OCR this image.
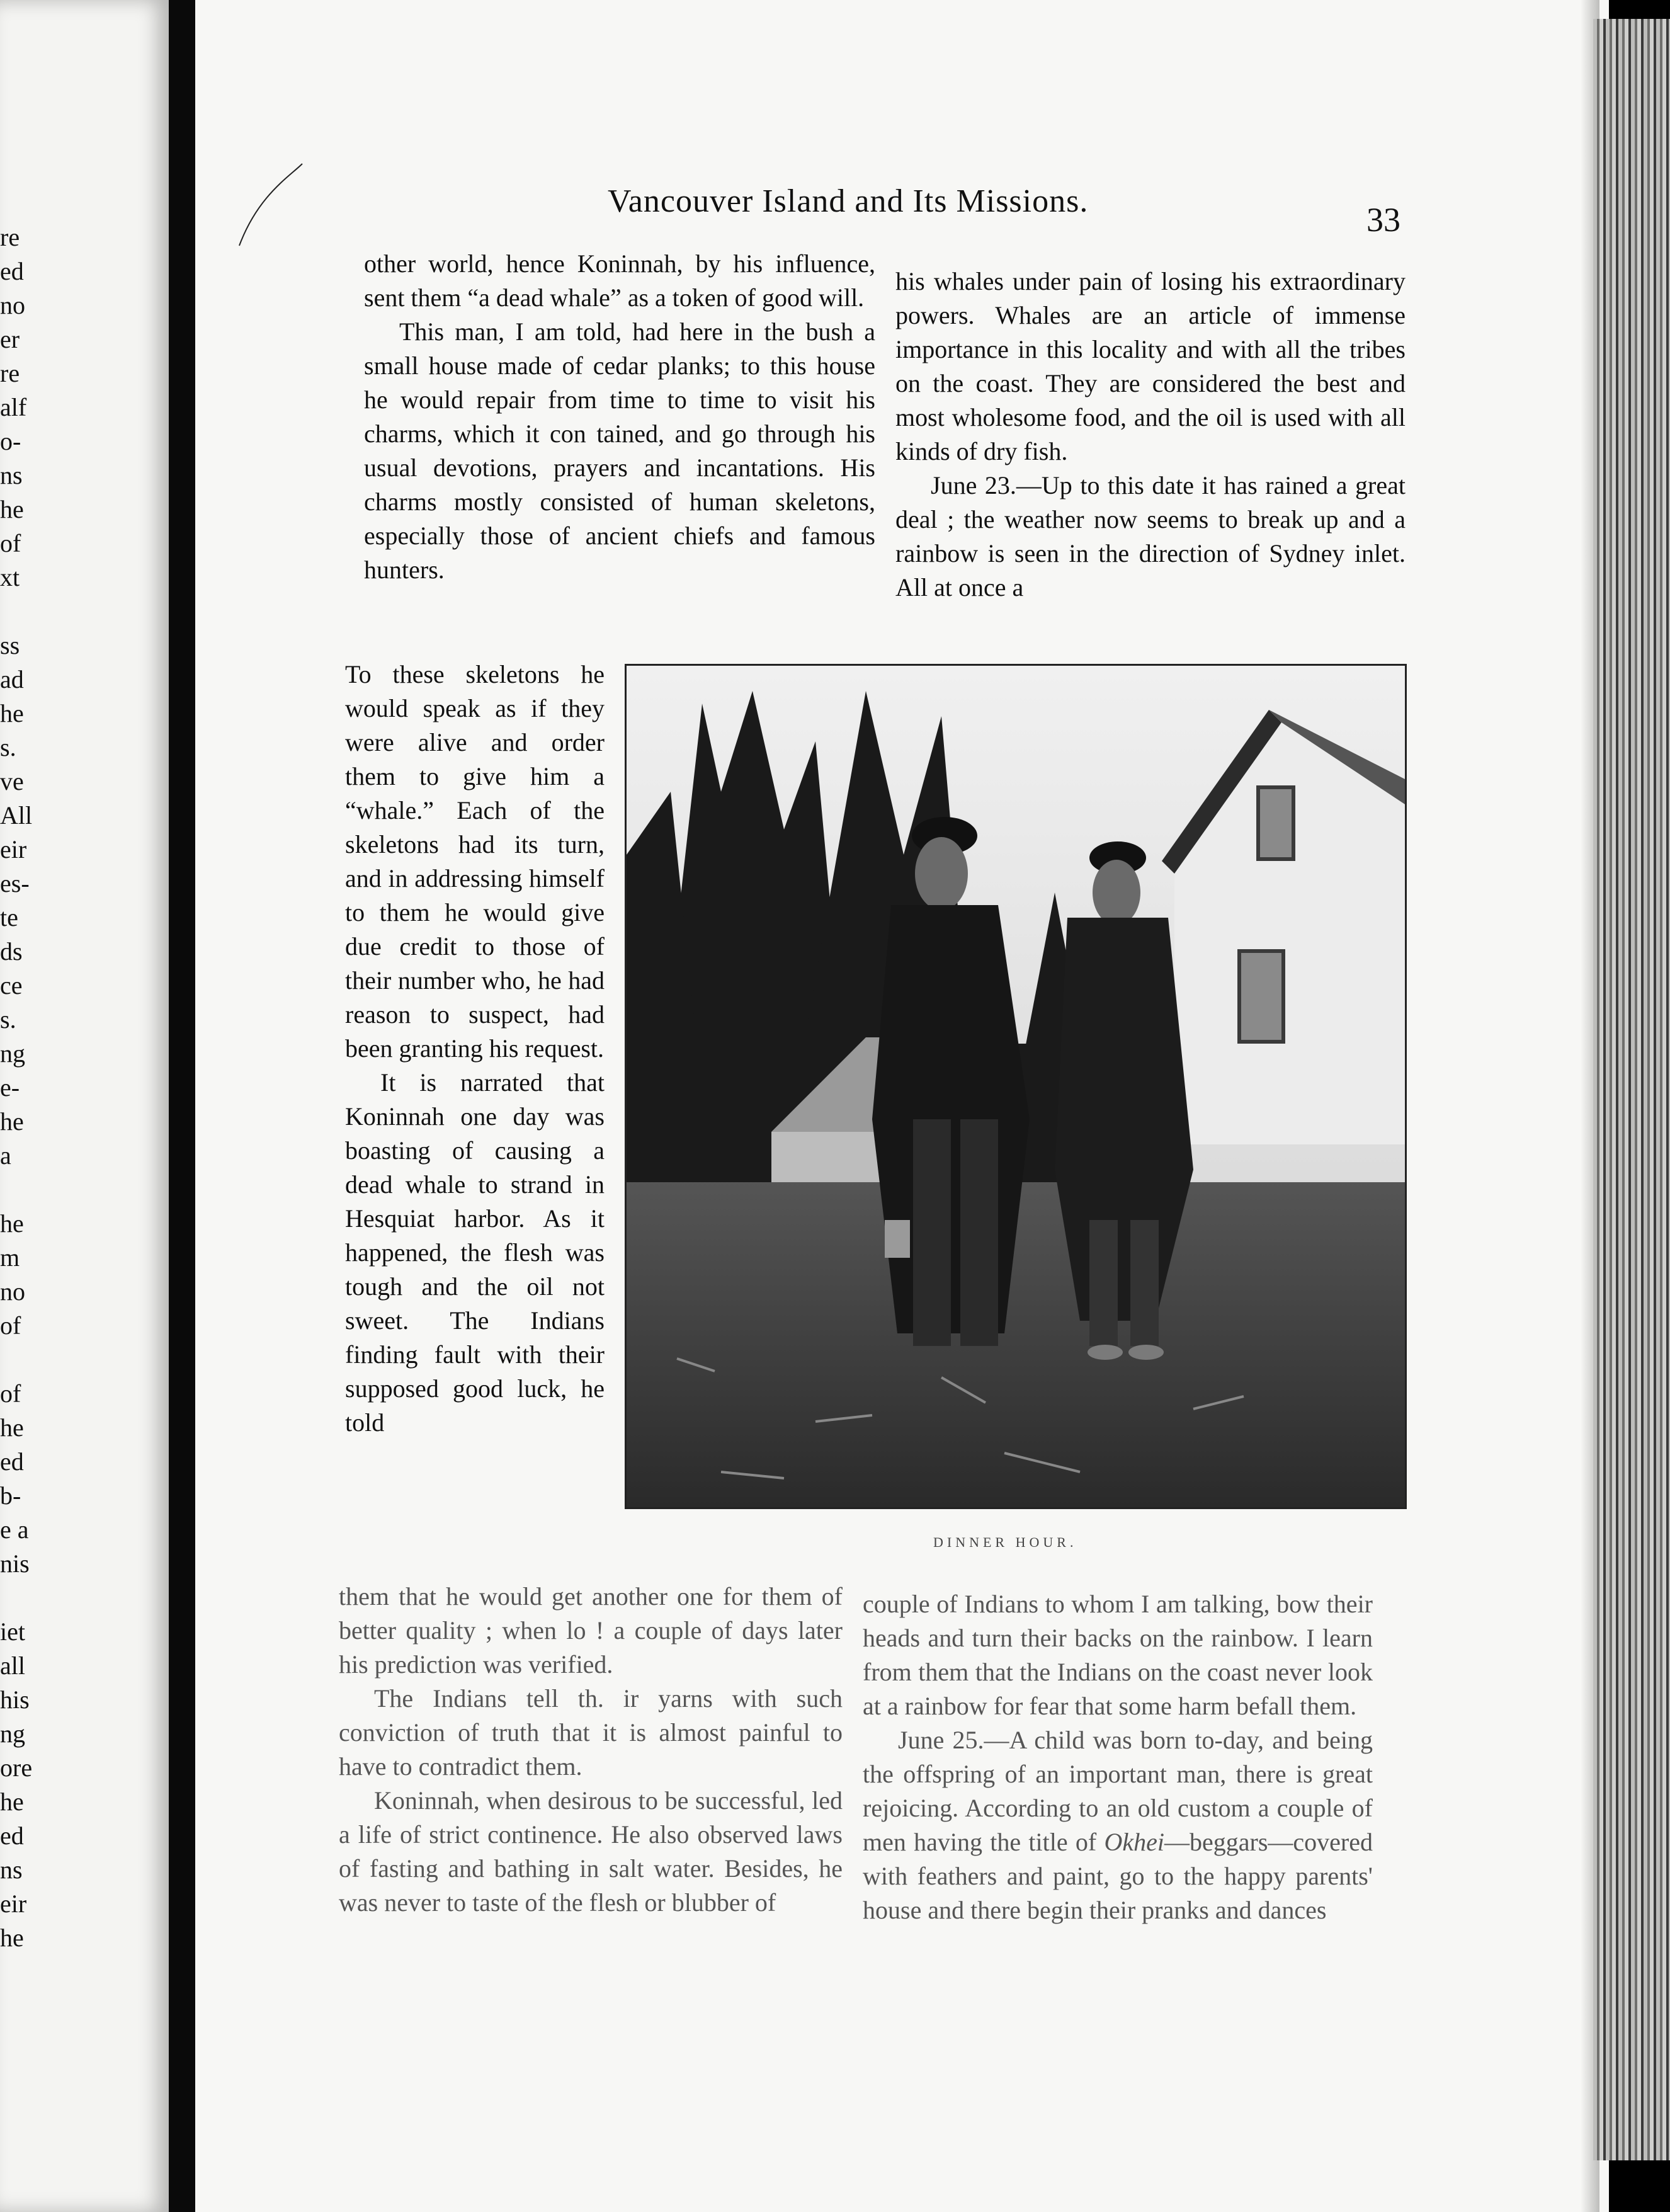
re
ed
no
er
re
alf
o-
ns
he
of
xt
ss
ad
he
s.
ve
All
eir
es-
te
ds
ce
s.
ng
e-
he
a
he
m
no
of
of
he
ed
b-
e a
nis
iet
all
his
ng
ore
he
ed
ns
eir
he
Vancouver Island and Its Missions.	33

other world, hence Koninnah, by his influence, sent them “a dead whale” as a token of good will.

This man, I am told, had here in the bush a small house made of cedar planks; to this house he would repair from time to time to visit his charms, which it con tained, and go through his usual devotions, prayers and incantations. His charms mostly consisted of human skeletons, especially those of ancient chiefs and famous hunters.

To these skeletons he would speak as if they were alive and order them to give him a “whale.” Each of the skeletons had its turn, and in addressing himself to them he would give due credit to those of their number who, he had reason to suspect, had been granting his request.

It is narrated that Koninnah one day was boasting of causing a dead whale to strand in Hesquiat harbor. As it happened, the flesh was tough and the oil not sweet. The Indians finding fault with their supposed good luck, he told

his whales under pain of losing his extraordinary powers. Whales are an article of immense importance in this locality and with all the tribes on the coast. They are considered the best and most wholesome food, and the oil is used with all kinds of dry fish.

June 23.—Up to this date it has rained a great deal ; the weather now seems to break up and a rainbow is seen in the direction of Sydney inlet. All at once a

DINNER HOUR.

them that he would get another one for them of better quality ; when lo ! a couple of days later his prediction was verified.

The Indians tell th. ir yarns with such conviction of truth that it is almost painful to have to contradict them.

Koninnah, when desirous to be successful, led a life of strict continence. He also observed laws of fasting and bathing in salt water. Besides, he was never to taste of the flesh or blubber of

couple of Indians to whom I am talking, bow their heads and turn their backs on the rainbow. I learn from them that the Indians on the coast never look at a rainbow for fear that some harm befall them.

June 25.—A child was born to-day, and being the offspring of an important man, there is great rejoicing. According to an old custom a couple of men having the title of Okhei—beggars—covered with feathers and paint, go to the happy parents' house and there begin their pranks and dances
